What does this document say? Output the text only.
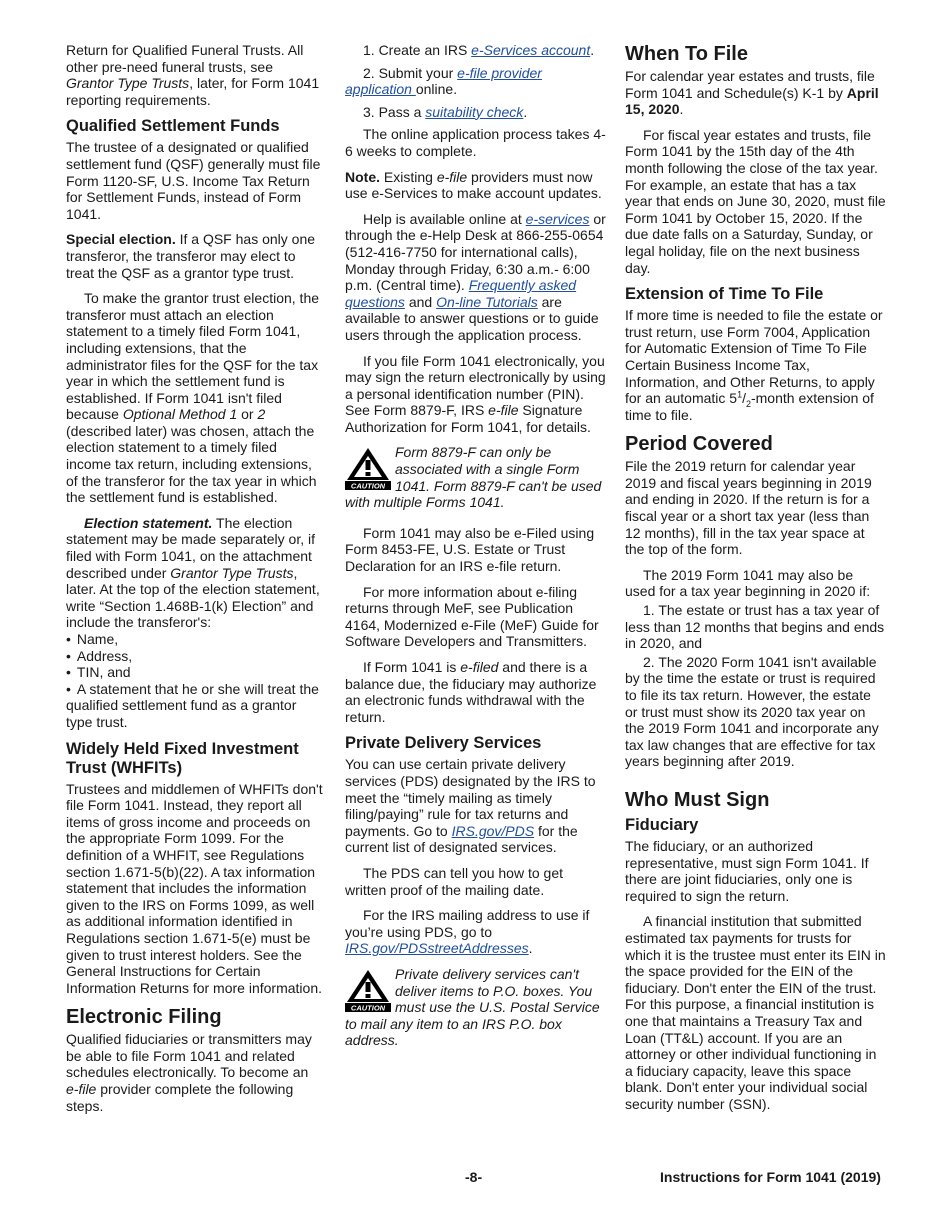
Return for Qualified Funeral Trusts. All other pre-need funeral trusts, see Grantor Type Trusts, later, for Form 1041 reporting requirements.

Qualified Settlement Funds

The trustee of a designated or qualified settlement fund (QSF) generally must file Form 1120-SF, U.S. Income Tax Return for Settlement Funds, instead of Form 1041.

Special election. If a QSF has only one transferor, the transferor may elect to treat the QSF as a grantor type trust.

To make the grantor trust election, the transferor must attach an election statement to a timely filed Form 1041, including extensions, that the administrator files for the QSF for the tax year in which the settlement fund is established. If Form 1041 isn't filed because Optional Method 1 or 2 (described later) was chosen, attach the election statement to a timely filed income tax return, including extensions, of the transferor for the tax year in which the settlement fund is established.

Election statement. The election statement may be made separately or, if filed with Form 1041, on the attachment described under Grantor Type Trusts, later. At the top of the election statement, write “Section 1.468B-1(k) Election” and include the transferor's:

• Name,
• Address,
• TIN, and
• A statement that he or she will treat the qualified settlement fund as a grantor type trust.
Widely Held Fixed Investment Trust (WHFITs)

Trustees and middlemen of WHFITs don't file Form 1041. Instead, they report all items of gross income and proceeds on the appropriate Form 1099. For the definition of a WHFIT, see Regulations section 1.671-5(b)(22). A tax information statement that includes the information given to the IRS on Forms 1099, as well as additional information identified in Regulations section 1.671-5(e) must be given to trust interest holders. See the General Instructions for Certain Information Returns for more information.

Electronic Filing

Qualified fiduciaries or transmitters may be able to file Form 1041 and related schedules electronically. To become an e-file provider complete the following steps.

1. Create an IRS e-Services account.
2. Submit your e-file provider application online.
3. Pass a suitability check.

The online application process takes 4-6 weeks to complete.

Note. Existing e-file providers must now use e-Services to make account updates.

Help is available online at e-services or through the e-Help Desk at 866-255-0654 (512-416-7750 for international calls), Monday through Friday, 6:30 a.m.- 6:00 p.m. (Central time). Frequently asked questions and On-line Tutorials are available to answer questions or to guide users through the application process.

If you file Form 1041 electronically, you may sign the return electronically by using a personal identification number (PIN). See Form 8879-F, IRS e-file Signature Authorization for Form 1041, for details.

CAUTION
Form 8879-F can only be associated with a single Form 1041. Form 8879-F can't be used with multiple Forms 1041.

Form 1041 may also be e-Filed using Form 8453-FE, U.S. Estate or Trust Declaration for an IRS e-file return.

For more information about e-filing returns through MeF, see Publication 4164, Modernized e-File (MeF) Guide for Software Developers and Transmitters.

If Form 1041 is e-filed and there is a balance due, the fiduciary may authorize an electronic funds withdrawal with the return.

Private Delivery Services

You can use certain private delivery services (PDS) designated by the IRS to meet the “timely mailing as timely filing/paying” rule for tax returns and payments. Go to IRS.gov/PDS for the current list of designated services.

The PDS can tell you how to get written proof of the mailing date.

For the IRS mailing address to use if you’re using PDS, go to IRS.gov/PDSstreetAddresses.

CAUTION
Private delivery services can't deliver items to P.O. boxes. You must use the U.S. Postal Service to mail any item to an IRS P.O. box address.
When To File

For calendar year estates and trusts, file Form 1041 and Schedule(s) K-1 by April 15, 2020.

For fiscal year estates and trusts, file Form 1041 by the 15th day of the 4th month following the close of the tax year. For example, an estate that has a tax year that ends on June 30, 2020, must file Form 1041 by October 15, 2020. If the due date falls on a Saturday, Sunday, or legal holiday, file on the next business day.

Extension of Time To File

If more time is needed to file the estate or trust return, use Form 7004, Application for Automatic Extension of Time To File Certain Business Income Tax, Information, and Other Returns, to apply for an automatic $5^1/_2$-month extension of time to file.

Period Covered

File the 2019 return for calendar year 2019 and fiscal years beginning in 2019 and ending in 2020. If the return is for a fiscal year or a short tax year (less than 12 months), fill in the tax year space at the top of the form.

The 2019 Form 1041 may also be used for a tax year beginning in 2020 if:

1. The estate or trust has a tax year of less than 12 months that begins and ends in 2020, and

2. The 2020 Form 1041 isn't available by the time the estate or trust is required to file its tax return. However, the estate or trust must show its 2020 tax year on the 2019 Form 1041 and incorporate any tax law changes that are effective for tax years beginning after 2019.

Who Must Sign
Fiduciary

The fiduciary, or an authorized representative, must sign Form 1041. If there are joint fiduciaries, only one is required to sign the return.

A financial institution that submitted estimated tax payments for trusts for which it is the trustee must enter its EIN in the space provided for the EIN of the fiduciary. Don't enter the EIN of the trust. For this purpose, a financial institution is one that maintains a Treasury Tax and Loan (TT&L) account. If you are an attorney or other individual functioning in a fiduciary capacity, leave this space blank. Don't enter your individual social security number (SSN).

-8-	Instructions for Form 1041 (2019)
